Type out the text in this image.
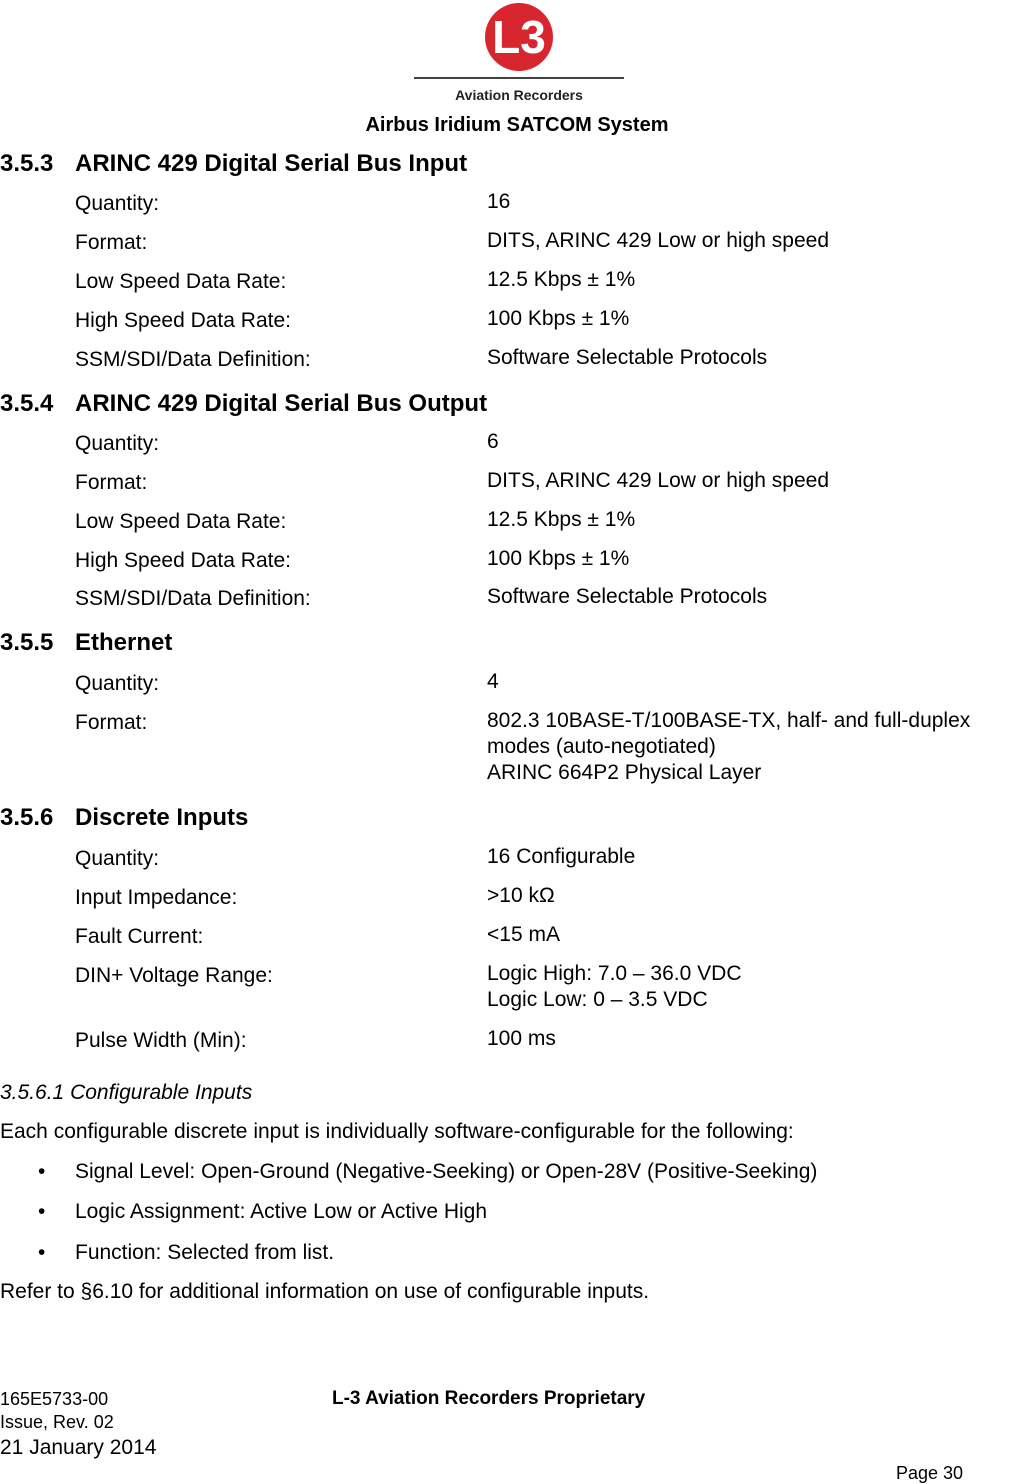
L3
Aviation Recorders
Airbus Iridium SATCOM System
3.5.3 ARINC 429 Digital Serial Bus Input
Quantity:	16
Format:	DITS, ARINC 429 Low or high speed
Low Speed Data Rate:	12.5 Kbps ± 1%
High Speed Data Rate:	100 Kbps ± 1%
SSM/SDI/Data Definition:	Software Selectable Protocols
3.5.4 ARINC 429 Digital Serial Bus Output
Quantity:	6
Format:	DITS, ARINC 429 Low or high speed
Low Speed Data Rate:	12.5 Kbps ± 1%
High Speed Data Rate:	100 Kbps ± 1%
SSM/SDI/Data Definition:	Software Selectable Protocols
3.5.5 Ethernet
Quantity:	4
Format:	802.3 10BASE-T/100BASE-TX, half- and full-duplex
modes (auto-negotiated)
ARINC 664P2 Physical Layer
3.5.6 Discrete Inputs
Quantity:	16 Configurable
Input Impedance:	>10 kΩ
Fault Current:	<15 mA
DIN+ Voltage Range:	Logic High: 7.0 – 36.0 VDC
Logic Low: 0 – 3.5 VDC
Pulse Width (Min):	100 ms
3.5.6.1 Configurable Inputs
Each configurable discrete input is individually software-configurable for the following:
• Signal Level: Open-Ground (Negative-Seeking) or Open-28V (Positive-Seeking)
• Logic Assignment: Active Low or Active High
• Function: Selected from list.
Refer to §6.10 for additional information on use of configurable inputs.
165E5733-00
Issue, Rev. 02
21 January 2014
L-3 Aviation Recorders Proprietary
Page 30
